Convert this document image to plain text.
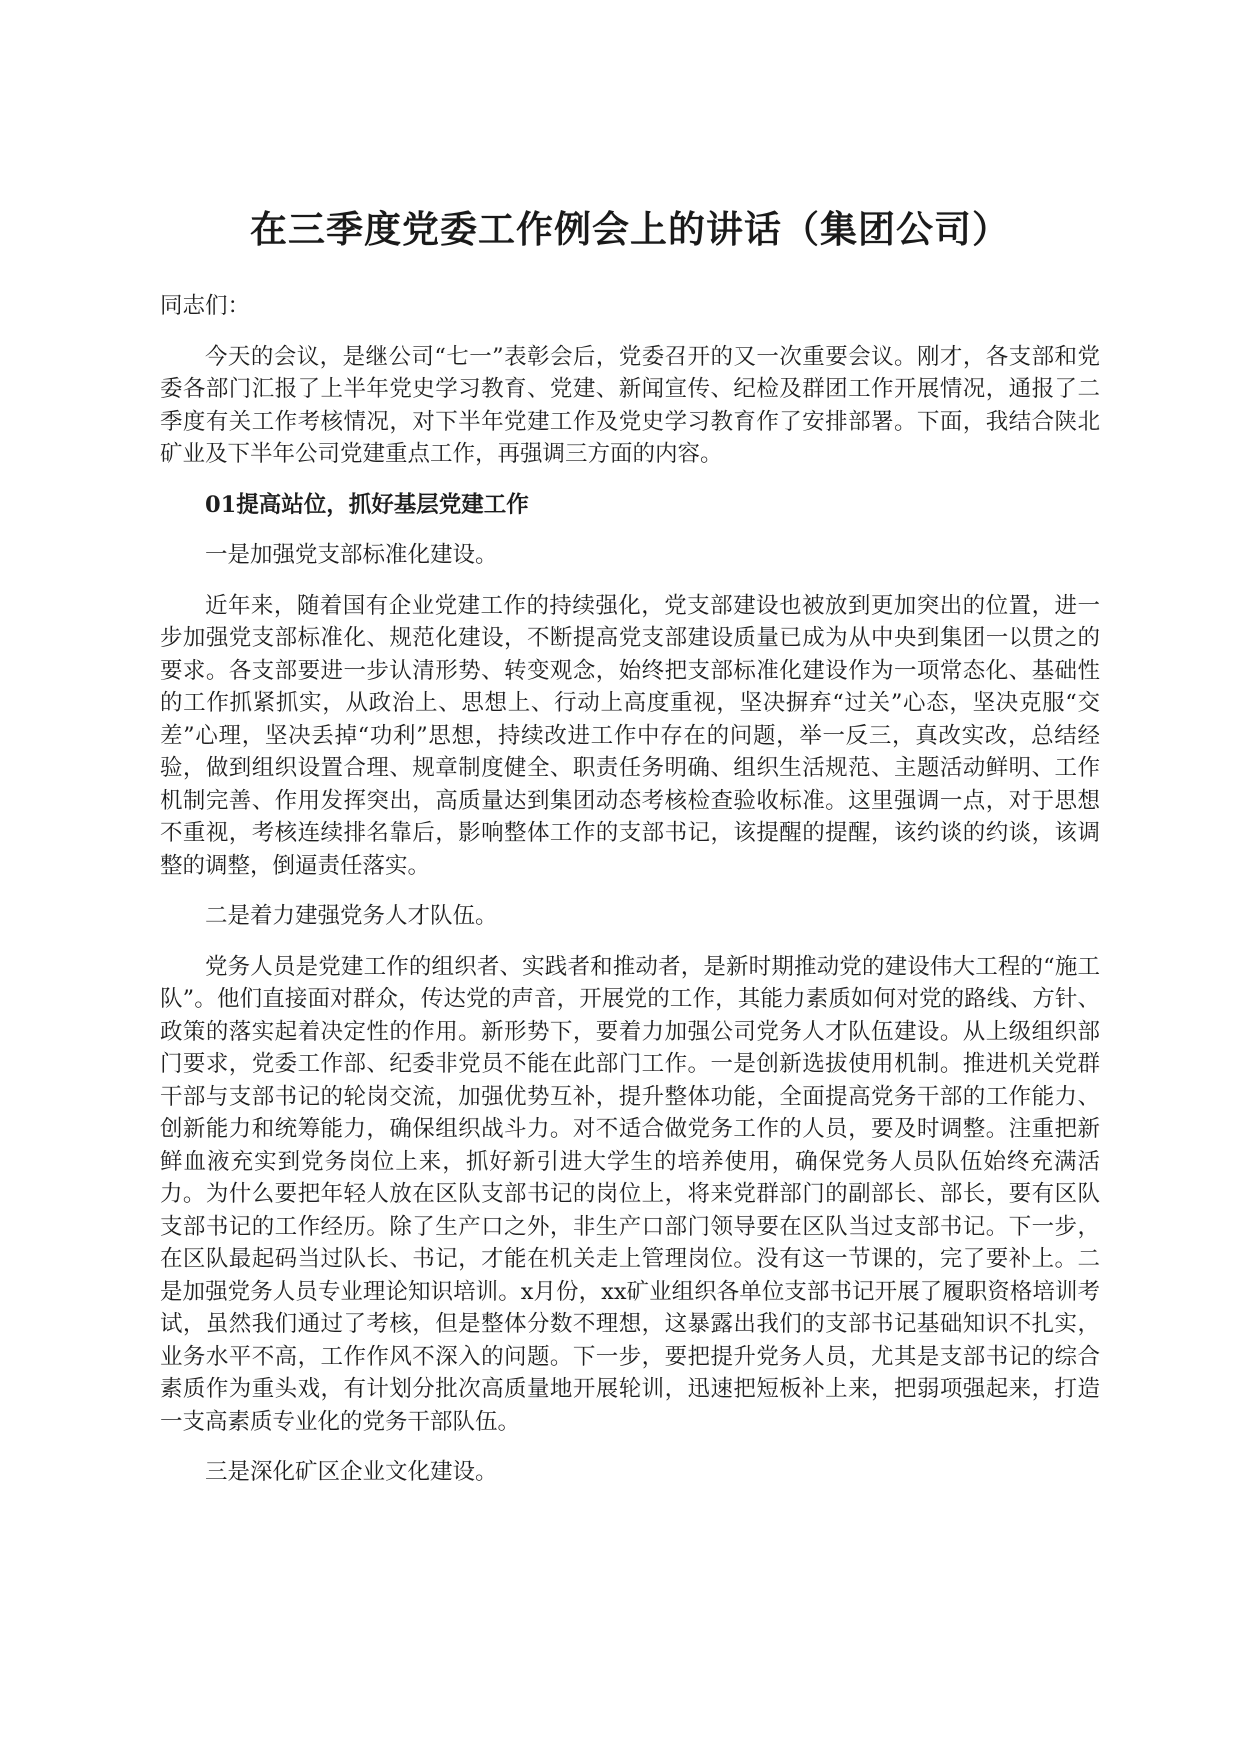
在三季度党委工作例会上的讲话（集团公司）

同志们：

今天的会议，是继公司“七一”表彰会后，党委召开的又一次重要会议。刚才，各支部和党委各部门汇报了上半年党史学习教育、党建、新闻宣传、纪检及群团工作开展情况，通报了二季度有关工作考核情况，对下半年党建工作及党史学习教育作了安排部署。下面，我结合陕北矿业及下半年公司党建重点工作，再强调三方面的内容。

01提高站位，抓好基层党建工作

一是加强党支部标准化建设。

近年来，随着国有企业党建工作的持续强化，党支部建设也被放到更加突出的位置，进一步加强党支部标准化、规范化建设，不断提高党支部建设质量已成为从中央到集团一以贯之的要求。各支部要进一步认清形势、转变观念，始终把支部标准化建设作为一项常态化、基础性的工作抓紧抓实，从政治上、思想上、行动上高度重视，坚决摒弃“过关”心态，坚决克服“交差”心理，坚决丢掉“功利”思想，持续改进工作中存在的问题，举一反三，真改实改，总结经验，做到组织设置合理、规章制度健全、职责任务明确、组织生活规范、主题活动鲜明、工作机制完善、作用发挥突出，高质量达到集团动态考核检查验收标准。这里强调一点，对于思想不重视，考核连续排名靠后，影响整体工作的支部书记，该提醒的提醒，该约谈的约谈，该调整的调整，倒逼责任落实。

二是着力建强党务人才队伍。

党务人员是党建工作的组织者、实践者和推动者，是新时期推动党的建设伟大工程的“施工队”。他们直接面对群众，传达党的声音，开展党的工作，其能力素质如何对党的路线、方针、政策的落实起着决定性的作用。新形势下，要着力加强公司党务人才队伍建设。从上级组织部门要求，党委工作部、纪委非党员不能在此部门工作。一是创新选拔使用机制。推进机关党群干部与支部书记的轮岗交流，加强优势互补，提升整体功能，全面提高党务干部的工作能力、创新能力和统筹能力，确保组织战斗力。对不适合做党务工作的人员，要及时调整。注重把新鲜血液充实到党务岗位上来，抓好新引进大学生的培养使用，确保党务人员队伍始终充满活力。为什么要把年轻人放在区队支部书记的岗位上，将来党群部门的副部长、部长，要有区队支部书记的工作经历。除了生产口之外，非生产口部门领导要在区队当过支部书记。下一步，在区队最起码当过队长、书记，才能在机关走上管理岗位。没有这一节课的，完了要补上。二是加强党务人员专业理论知识培训。x月份，xx矿业组织各单位支部书记开展了履职资格培训考试，虽然我们通过了考核，但是整体分数不理想，这暴露出我们的支部书记基础知识不扎实，业务水平不高，工作作风不深入的问题。下一步，要把提升党务人员，尤其是支部书记的综合素质作为重头戏，有计划分批次高质量地开展轮训，迅速把短板补上来，把弱项强起来，打造一支高素质专业化的党务干部队伍。

三是深化矿区企业文化建设。
